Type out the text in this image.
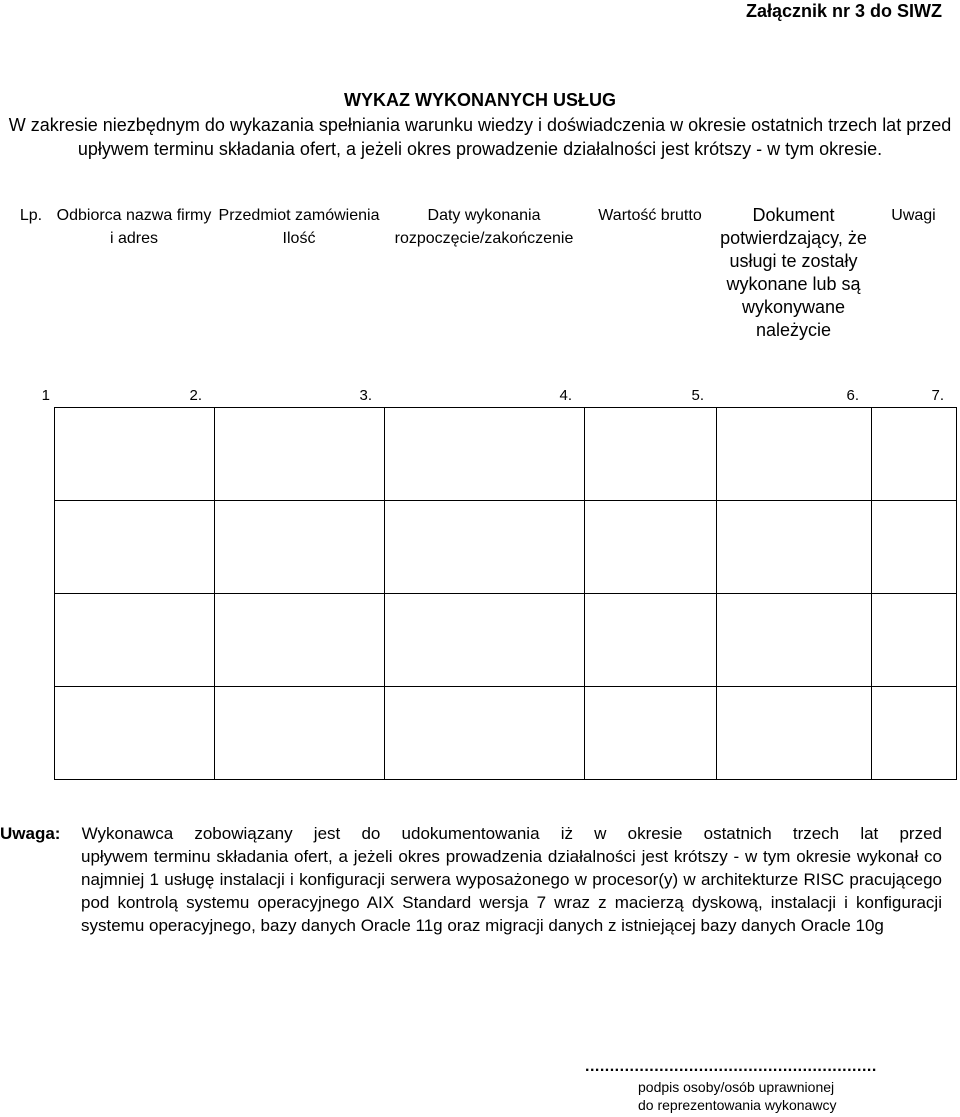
Załącznik nr 3 do SIWZ
WYKAZ WYKONANYCH USŁUG
W zakresie niezbędnym do wykazania spełniania warunku wiedzy i doświadczenia w okresie ostatnich trzech lat przed upływem terminu składania ofert, a jeżeli okres prowadzenie działalności jest krótszy - w tym okresie.
Lp.	Odbiorca nazwa firmy i adres	Przedmiot zamówienia Ilość	Daty wykonania rozpoczęcie/zakończenie	Wartość brutto	Dokument potwierdzający, że usługi te zostały wykonane lub są wykonywane należycie	Uwagi
1	2.	3.	4.	5.	6.	7.

Uwaga: Wykonawca zobowiązany jest do udokumentowania iż w okresie ostatnich trzech lat przed
upływem terminu składania ofert, a jeżeli okres prowadzenia działalności jest krótszy - w tym okresie wykonał co najmniej 1 usługę instalacji i konfiguracji serwera wyposażonego w procesor(y) w architekturze RISC pracującego pod kontrolą systemu operacyjnego AIX Standard wersja 7 wraz z macierzą dyskową, instalacji i konfiguracji systemu operacyjnego, bazy danych Oracle 11g oraz migracji danych z istniejącej bazy danych Oracle 10g
...........................................................
podpis osoby/osób uprawnionej
do reprezentowania wykonawcy
